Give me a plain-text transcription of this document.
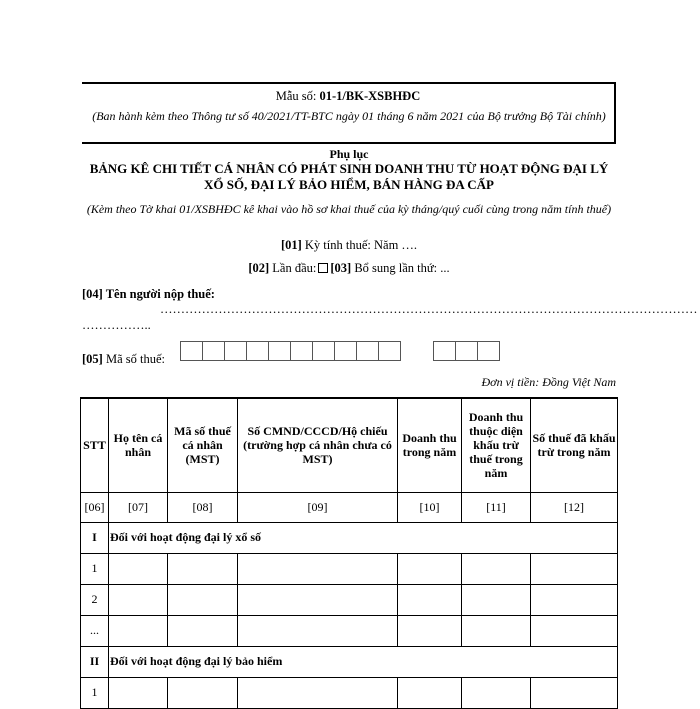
Mẫu số: 01-1/BK-XSBHĐC
(Ban hành kèm theo Thông tư số 40/2021/TT-BTC ngày 01 tháng 6 năm 2021 của Bộ trưởng Bộ Tài chính)
Phụ lục
BẢNG KÊ CHI TIẾT CÁ NHÂN CÓ PHÁT SINH DOANH THU TỪ HOẠT ĐỘNG ĐẠI LÝ XỔ SỐ, ĐẠI LÝ BẢO HIỂM, BÁN HÀNG ĐA CẤP
(Kèm theo Tờ khai 01/XSBHĐC kê khai vào hồ sơ khai thuế của kỳ tháng/quý cuối cùng trong năm tính thuế)
[01] Kỳ tính thuế: Năm ….
[02] Lần đầu: [03] Bổ sung lần thứ: ...
[04] Tên người nộp thuế:
…………………………………………………………………………………………………………………
……………..
[05] Mã số thuế:
Đơn vị tiền: Đồng Việt Nam
STT	Họ tên cá nhân	Mã số thuế cá nhân (MST)	Số CMND/CCCD/Hộ chiếu (trường hợp cá nhân chưa có MST)	Doanh thu trong năm	Doanh thu thuộc diện khấu trừ thuế trong năm	Số thuế đã khấu trừ trong năm
[06]	[07]	[08]	[09]	[10]	[11]	[12]
I	Đối với hoạt động đại lý xổ số					
1						
2						
...						
II	Đối với hoạt động đại lý bảo hiểm					
1						
